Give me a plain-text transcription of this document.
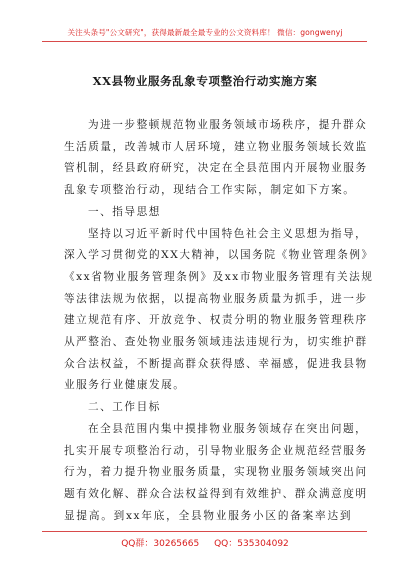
关注头条号"公文研究"，获得最新最全最专业的公文资料库！ 微信：gongwenyj
XX县物业服务乱象专项整治行动实施方案
为进一步整顿规范物业服务领域市场秩序，提升群众
生活质量，改善城市人居环境，建立物业服务领域长效监
管机制，经县政府研究，决定在全县范围内开展物业服务
乱象专项整治行动，现结合工作实际，制定如下方案。
一、指导思想
坚持以习近平新时代中国特色社会主义思想为指导，
深入学习贯彻党的XX大精神，以国务院《物业管理条例》
《xx省物业服务管理条例》及xx市物业服务管理有关法规
等法律法规为依据，以提高物业服务质量为抓手，进一步
建立规范有序、开放竞争、权责分明的物业服务管理秩序
从严整治、查处物业服务领域违法违规行为，切实维护群
众合法权益，不断提高群众获得感、幸福感，促进我县物
业服务行业健康发展。
二、工作目标
在全县范围内集中摸排物业服务领域存在突出问题，
扎实开展专项整治行动，引导物业服务企业规范经营服务
行为，着力提升物业服务质量，实现物业服务领域突出问
题有效化解、群众合法权益得到有效维护、群众满意度明
显提高。到xx年底，全县物业服务小区的备案率达到
QQ群：30265665 QQ：535304092
